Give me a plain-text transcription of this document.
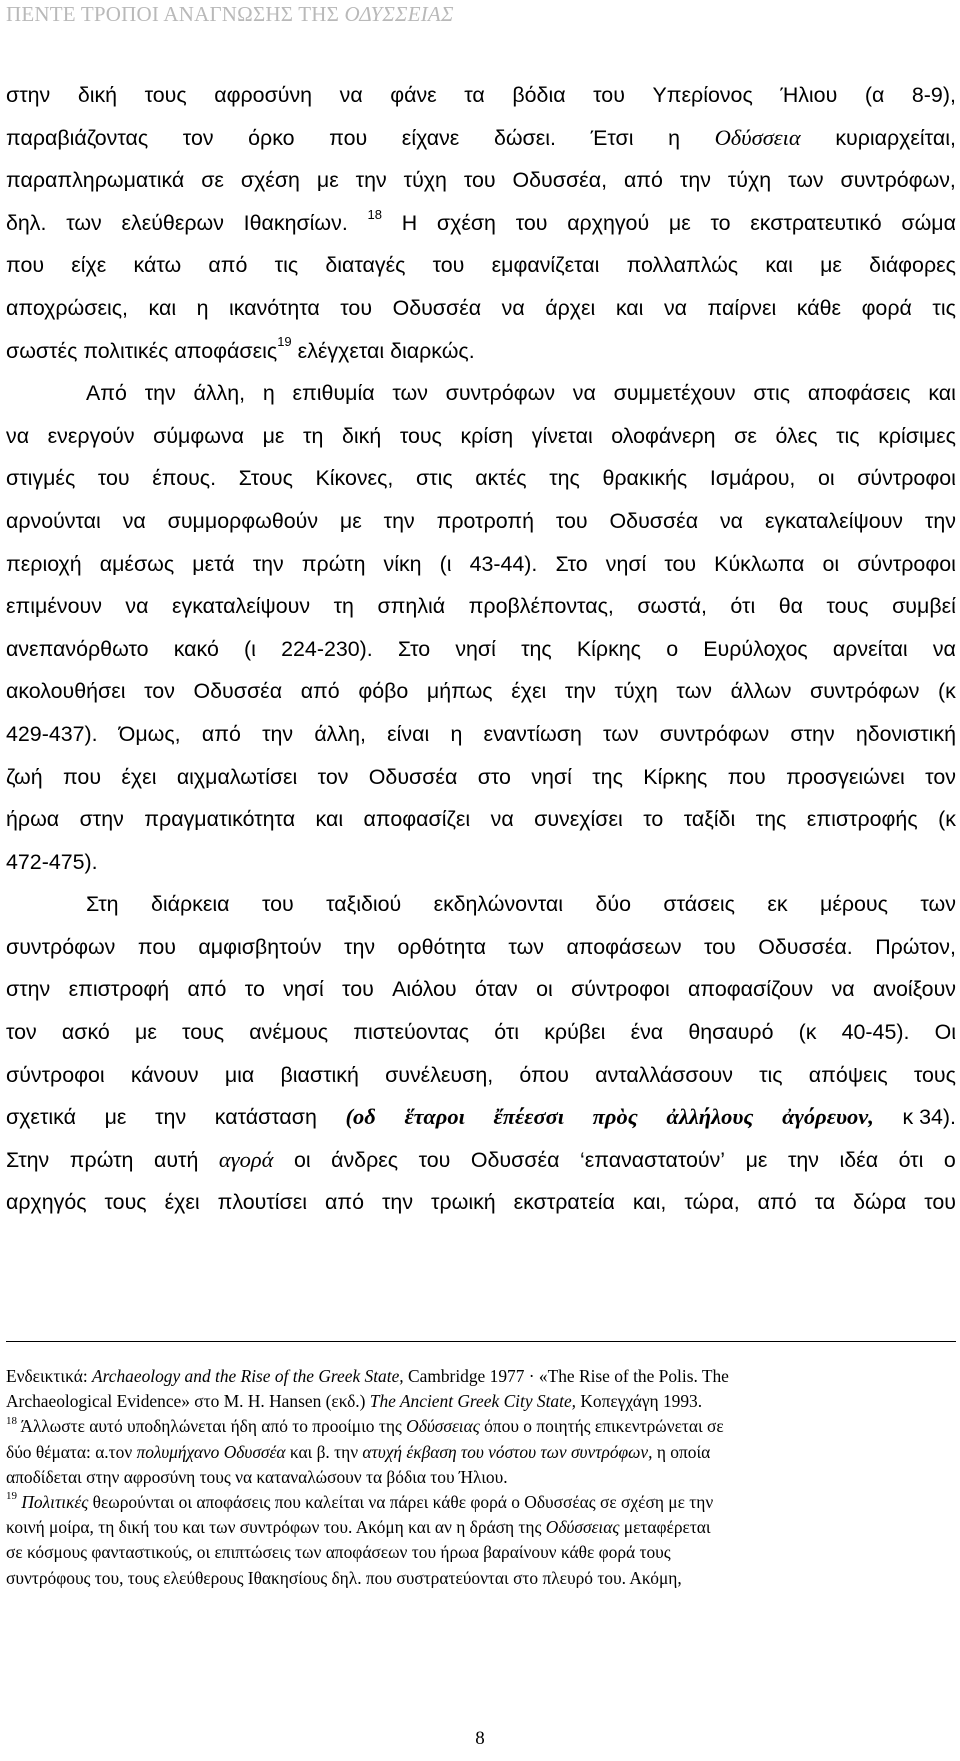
ΠΕΝΤΕ ΤΡΟΠΟΙ ΑΝΑΓΝΩΣΗΣ ΤΗΣ ΟΔΥΣΣΕΙΑΣ
στην δική τους αφροσύνη να φάνε τα βόδια του Υπερίονος Ήλιου (α 8-9),
παραβιάζοντας τον όρκο που είχανε δώσει. Έτσι η Οδύσσεια κυριαρχείται,
παραπληρωματικά σε σχέση με την τύχη του Οδυσσέα, από την τύχη των συντρόφων,
δηλ. των ελεύθερων Ιθακησίων. $^{18}$ Η σχέση του αρχηγού με το εκστρατευτικό σώμα
που είχε κάτω από τις διαταγές του εμφανίζεται πολλαπλώς και με διάφορες
αποχρώσεις, και η ικανότητα του Οδυσσέα να άρχει και να παίρνει κάθε φορά τις
σωστές πολιτικές αποφάσεις$^{19}$ ελέγχεται διαρκώς.
Από την άλλη, η επιθυμία των συντρόφων να συμμετέχουν στις αποφάσεις και
να ενεργούν σύμφωνα με τη δική τους κρίση γίνεται ολοφάνερη σε όλες τις κρίσιμες
στιγμές του έπους. Στους Κίκονες, στις ακτές της θρακικής Ισμάρου, οι σύντροφοι
αρνούνται να συμμορφωθούν με την προτροπή του Οδυσσέα να εγκαταλείψουν την
περιοχή αμέσως μετά την πρώτη νίκη (ι 43-44). Στο νησί του Κύκλωπα οι σύντροφοι
επιμένουν να εγκαταλείψουν τη σπηλιά προβλέποντας, σωστά, ότι θα τους συμβεί
ανεπανόρθωτο κακό (ι 224-230). Στο νησί της Κίρκης ο Ευρύλοχος αρνείται να
ακολουθήσει τον Οδυσσέα από φόβο μήπως έχει την τύχη των άλλων συντρόφων (κ
429-437). Όμως, από την άλλη, είναι η εναντίωση των συντρόφων στην ηδονιστική
ζωή που έχει αιχμαλωτίσει τον Οδυσσέα στο νησί της Κίρκης που προσγειώνει τον
ήρωα στην πραγματικότητα και αποφασίζει να συνεχίσει το ταξίδι της επιστροφής (κ
472-475).
Στη διάρκεια του ταξιδιού εκδηλώνονται δύο στάσεις εκ μέρους των
συντρόφων που αμφισβητούν την ορθότητα των αποφάσεων του Οδυσσέα. Πρώτον,
στην επιστροφή από το νησί του Αιόλου όταν οι σύντροφοι αποφασίζουν να ανοίξουν
τον ασκό με τους ανέμους πιστεύοντας ότι κρύβει ένα θησαυρό (κ 40-45). Οι
σύντροφοι κάνουν μια βιαστική συνέλευση, όπου ανταλλάσσουν τις απόψεις τους
σχετικά με την κατάσταση (οδ ἕταροι ἔπέεσσι πρὸς ἀλλήλους ἀγόρευον, κ 34).
Στην πρώτη αυτή αγορά οι άνδρες του Οδυσσέα ‘επαναστατούν’ με την ιδέα ότι ο
αρχηγός τους έχει πλουτίσει από την τρωική εκστρατεία και, τώρα, από τα δώρα του
Ενδεικτικά: Archaeology and the Rise of the Greek State, Cambridge 1977 · «The Rise of the Polis. The
Archaeological Evidence» στο M. H. Hansen (εκδ.) The Ancient Greek City State, Κοπεγχάγη 1993.
$^{18}$ Άλλωστε αυτό υποδηλώνεται ήδη από το προοίμιο της Οδύσσειας όπου ο ποιητής επικεντρώνεται σε
δύο θέματα: α.τον πολυμήχανο Οδυσσέα και β. την ατυχή έκβαση του νόστου των συντρόφων, η οποία
αποδίδεται στην αφροσύνη τους να καταναλώσουν τα βόδια του Ήλιου.
$^{19}$ Πολιτικές θεωρούνται οι αποφάσεις που καλείται να πάρει κάθε φορά ο Οδυσσέας σε σχέση με την
κοινή μοίρα, τη δική του και των συντρόφων του. Ακόμη και αν η δράση της Οδύσσειας μεταφέρεται
σε κόσμους φανταστικούς, οι επιπτώσεις των αποφάσεων του ήρωα βαραίνουν κάθε φορά τους
συντρόφους του, τους ελεύθερους Ιθακησίους δηλ. που συστρατεύονται στο πλευρό του. Ακόμη,
8
